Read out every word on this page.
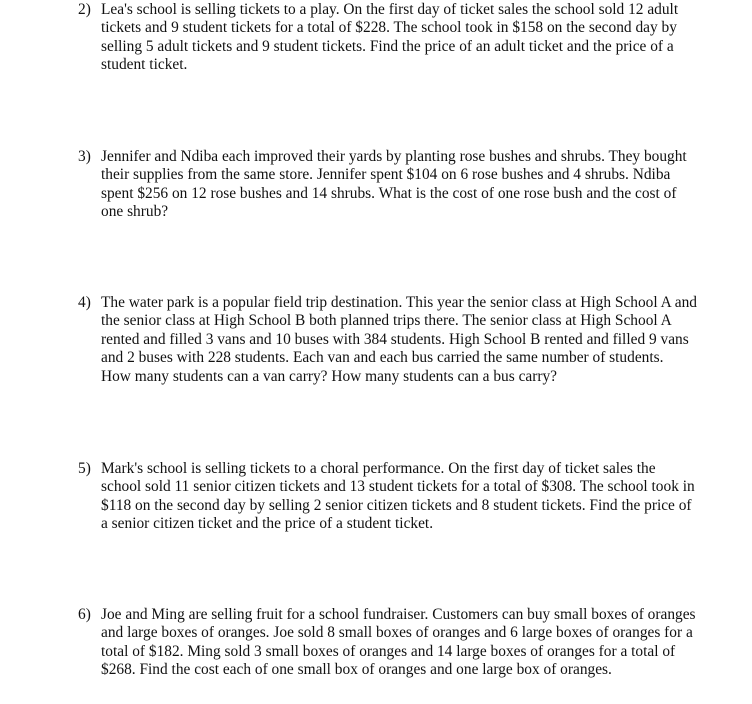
2) Lea's school is selling tickets to a play. On the first day of ticket sales the school sold 12 adult
tickets and 9 student tickets for a total of $228. The school took in $158 on the second day by
selling 5 adult tickets and 9 student tickets. Find the price of an adult ticket and the price of a
student ticket.
3) Jennifer and Ndiba each improved their yards by planting rose bushes and shrubs. They bought
their supplies from the same store. Jennifer spent $104 on 6 rose bushes and 4 shrubs. Ndiba
spent $256 on 12 rose bushes and 14 shrubs. What is the cost of one rose bush and the cost of
one shrub?
4) The water park is a popular field trip destination. This year the senior class at High School A and
the senior class at High School B both planned trips there. The senior class at High School A
rented and filled 3 vans and 10 buses with 384 students. High School B rented and filled 9 vans
and 2 buses with 228 students. Each van and each bus carried the same number of students.
How many students can a van carry? How many students can a bus carry?
5) Mark's school is selling tickets to a choral performance. On the first day of ticket sales the
school sold 11 senior citizen tickets and 13 student tickets for a total of $308. The school took in
$118 on the second day by selling 2 senior citizen tickets and 8 student tickets. Find the price of
a senior citizen ticket and the price of a student ticket.
6) Joe and Ming are selling fruit for a school fundraiser. Customers can buy small boxes of oranges
and large boxes of oranges. Joe sold 8 small boxes of oranges and 6 large boxes of oranges for a
total of $182. Ming sold 3 small boxes of oranges and 14 large boxes of oranges for a total of
$268. Find the cost each of one small box of oranges and one large box of oranges.
